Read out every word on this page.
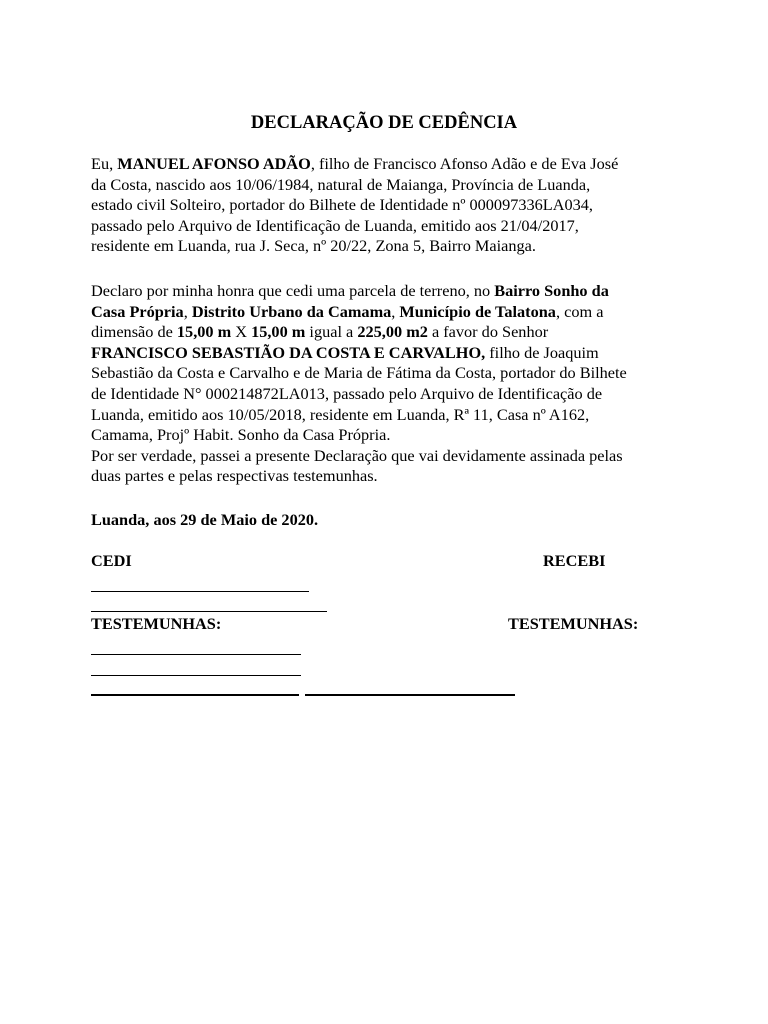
DECLARAÇÃO DE CEDÊNCIA
Eu, MANUEL AFONSO ADÃO, filho de Francisco Afonso Adão e de Eva José
da Costa, nascido aos 10/06/1984, natural de Maianga, Província de Luanda,
estado civil Solteiro, portador do Bilhete de Identidade nº 000097336LA034,
passado pelo Arquivo de Identificação de Luanda, emitido aos 21/04/2017,
residente em Luanda, rua J. Seca, nº 20/22, Zona 5, Bairro Maianga.
Declaro por minha honra que cedi uma parcela de terreno, no Bairro Sonho da
Casa Própria, Distrito Urbano da Camama, Município de Talatona, com a
dimensão de 15,00 m X 15,00 m igual a 225,00 m2 a favor do Senhor
FRANCISCO SEBASTIÃO DA COSTA E CARVALHO, filho de Joaquim
Sebastião da Costa e Carvalho e de Maria de Fátima da Costa, portador do Bilhete
de Identidade N° 000214872LA013, passado pelo Arquivo de Identificação de
Luanda, emitido aos 10/05/2018, residente em Luanda, Rª 11, Casa nº A162,
Camama, Projº Habit. Sonho da Casa Própria.
Por ser verdade, passei a presente Declaração que vai devidamente assinada pelas
duas partes e pelas respectivas testemunhas.
Luanda, aos 29 de Maio de 2020.
CEDI	RECEBI
TESTEMUNHAS:	TESTEMUNHAS:
